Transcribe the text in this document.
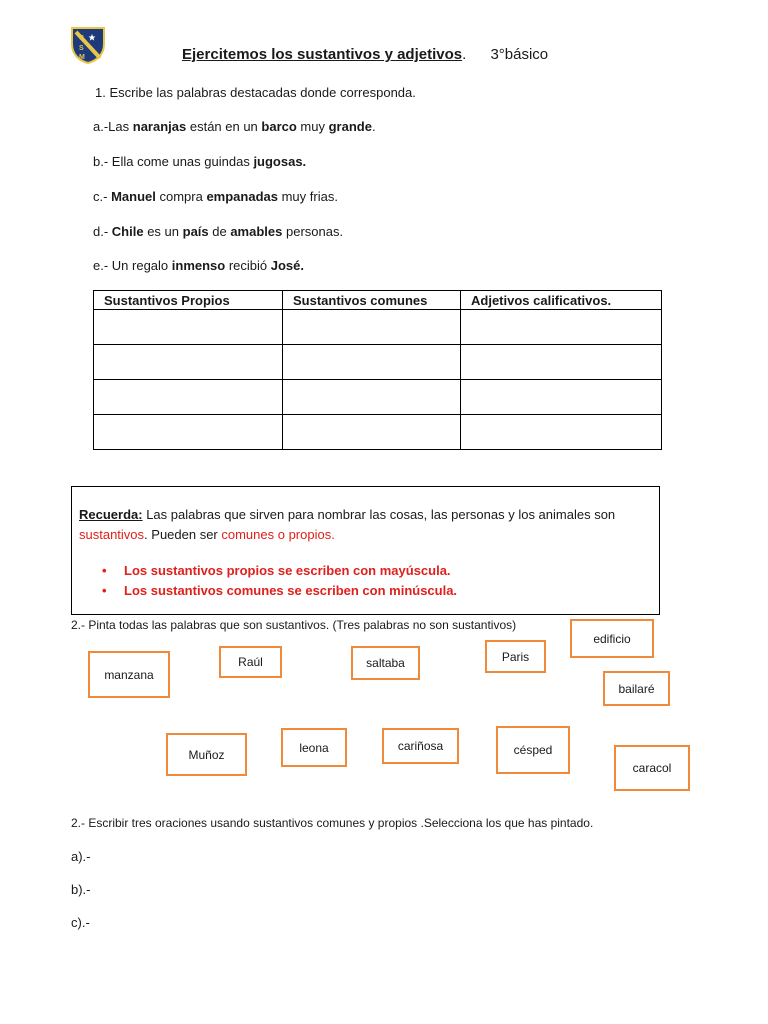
C
S
M	Ejercitemos los sustantivos y adjetivos. 3°básico
1. Escribe las palabras destacadas donde corresponda.
a.-Las naranjas están en un barco muy grande.
b.- Ella come unas guindas jugosas.
c.- Manuel compra empanadas muy frias.
d.- Chile es un país de amables personas.
e.- Un regalo inmenso recibió José.
Sustantivos Propios	Sustantivos comunes	Adjetivos calificativos.

Recuerda: Las palabras que sirven para nombrar las cosas, las personas y los animales son sustantivos. Pueden ser comunes o propios.
• Los sustantivos propios se escriben con mayúscula.
• Los sustantivos comunes se escriben con minúscula.
2.- Pinta todas las palabras que son sustantivos. (Tres palabras no son sustantivos)
manzana
Raúl	saltaba	Paris
edificio
bailaré
Muñoz	leona	cariñosa	césped
caracol
2.- Escribir tres oraciones usando sustantivos comunes y propios .Selecciona los que has pintado.
a).-
b).-
c).-
